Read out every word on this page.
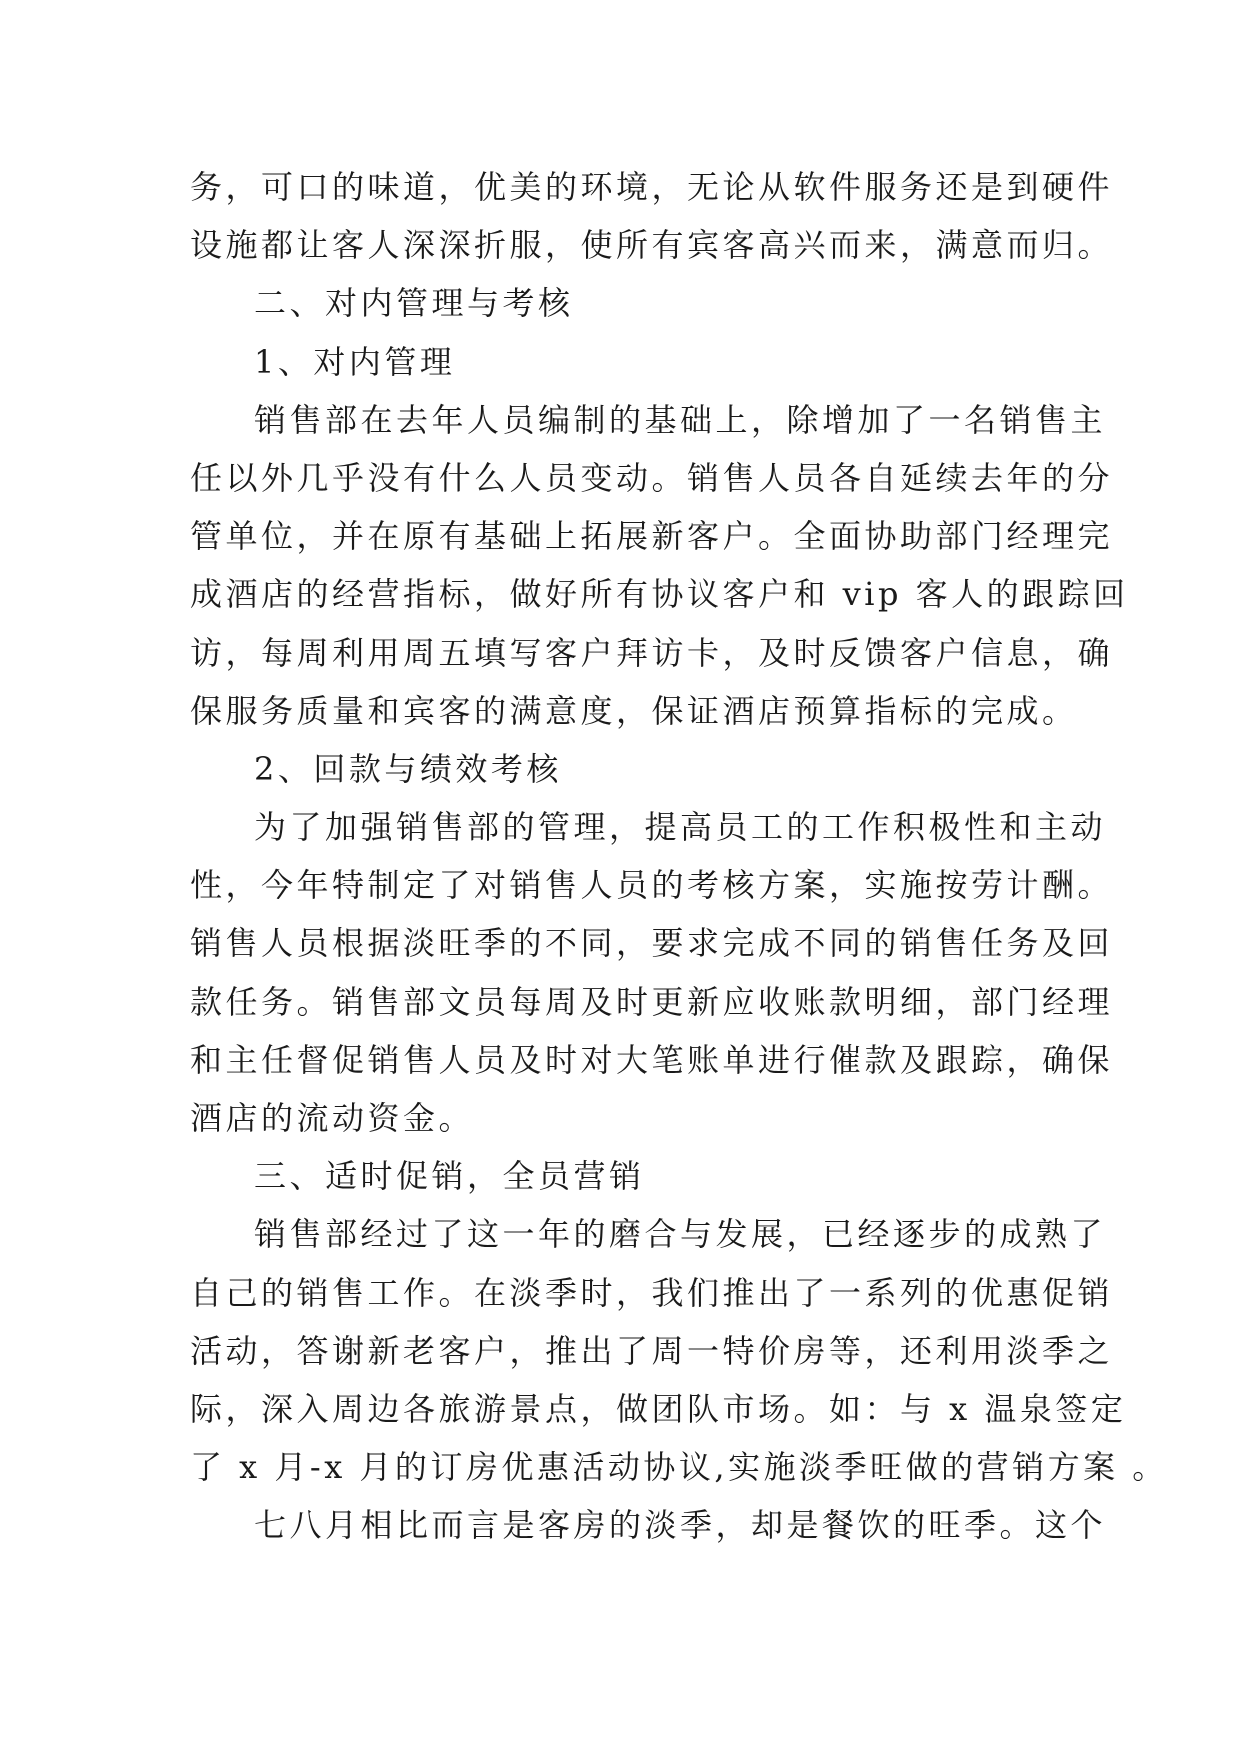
务，可口的味道，优美的环境，无论从软件服务还是到硬件
设施都让客人深深折服，使所有宾客高兴而来，满意而归。
二、对内管理与考核
1、对内管理
销售部在去年人员编制的基础上，除增加了一名销售主
任以外几乎没有什么人员变动。销售人员各自延续去年的分
管单位，并在原有基础上拓展新客户。全面协助部门经理完
成酒店的经营指标，做好所有协议客户和 vip 客人的跟踪回
访，每周利用周五填写客户拜访卡，及时反馈客户信息，确
保服务质量和宾客的满意度，保证酒店预算指标的完成。
2、回款与绩效考核
为了加强销售部的管理，提高员工的工作积极性和主动
性，今年特制定了对销售人员的考核方案，实施按劳计酬。
销售人员根据淡旺季的不同，要求完成不同的销售任务及回
款任务。销售部文员每周及时更新应收账款明细，部门经理
和主任督促销售人员及时对大笔账单进行催款及跟踪，确保
酒店的流动资金。
三、适时促销，全员营销
销售部经过了这一年的磨合与发展，已经逐步的成熟了
自己的销售工作。在淡季时，我们推出了一系列的优惠促销
活动，答谢新老客户，推出了周一特价房等，还利用淡季之
际，深入周边各旅游景点，做团队市场。如：与 x 温泉签定
了 x 月-x 月的订房优惠活动协议,实施淡季旺做的营销方案 。
七八月相比而言是客房的淡季，却是餐饮的旺季。这个
